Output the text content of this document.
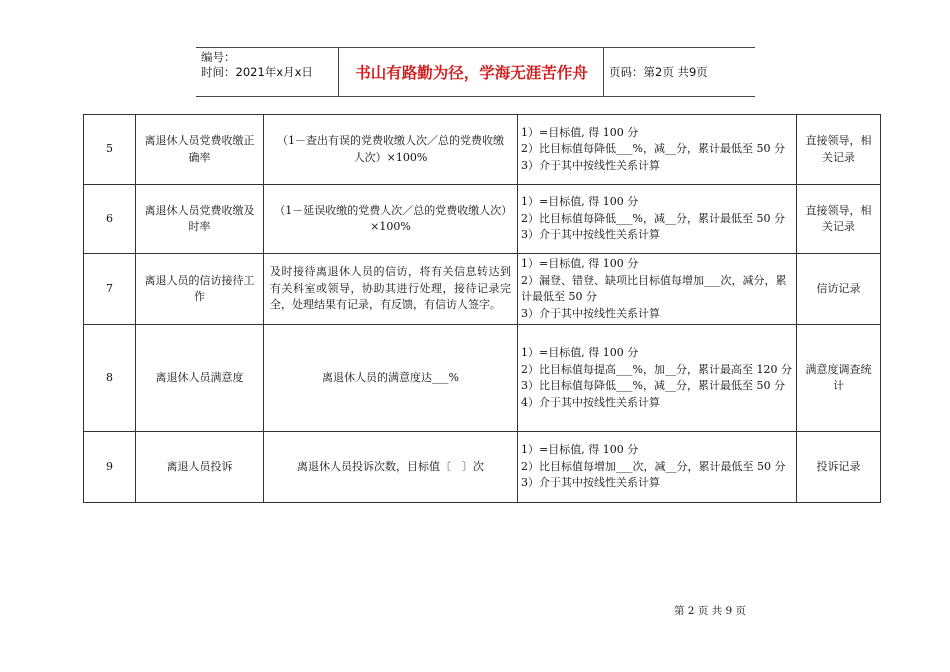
编号：
时间：2021年x月x日	书山有路勤为径，学海无涯苦作舟	页码：第2页 共9页
5	离退休人员党费收缴正确率	（1－查出有误的党费收缴人次／总的党费收缴人次）×100%	1）=目标值, 得 100 分
2）比目标值每降低___%，减__分，累计最低至 50 分
3）介于其中按线性关系计算	直接领导，相关记录
6	离退休人员党费收缴及时率	（1－延误收缴的党费人次／总的党费收缴人次）×100%	1）=目标值, 得 100 分
2）比目标值每降低___%，减__分，累计最低至 50 分
3）介于其中按线性关系计算	直接领导，相关记录
7	离退人员的信访接待工作	及时接待离退休人员的信访，将有关信息转达到有关科室或领导，协助其进行处理，接待记录完全，处理结果有记录，有反馈，有信访人签字。	1）=目标值, 得 100 分
2）漏登、错登、缺项比目标值每增加___次，减分，累计最低至 50 分
3）介于其中按线性关系计算	信访记录
8	离退休人员满意度	离退休人员的满意度达___%	1）=目标值, 得 100 分
2）比目标值每提高___%，加__分，累计最高至 120 分
3）比目标值每降低___%，减__分，累计最低至 50 分
4）介于其中按线性关系计算	满意度调查统计
9	离退人员投诉	离退休人员投诉次数，目标值〔　〕次	1）=目标值, 得 100 分
2）比目标值每增加___次，减__分，累计最低至 50 分
3）介于其中按线性关系计算	投诉记录
第 2 页 共 9 页
